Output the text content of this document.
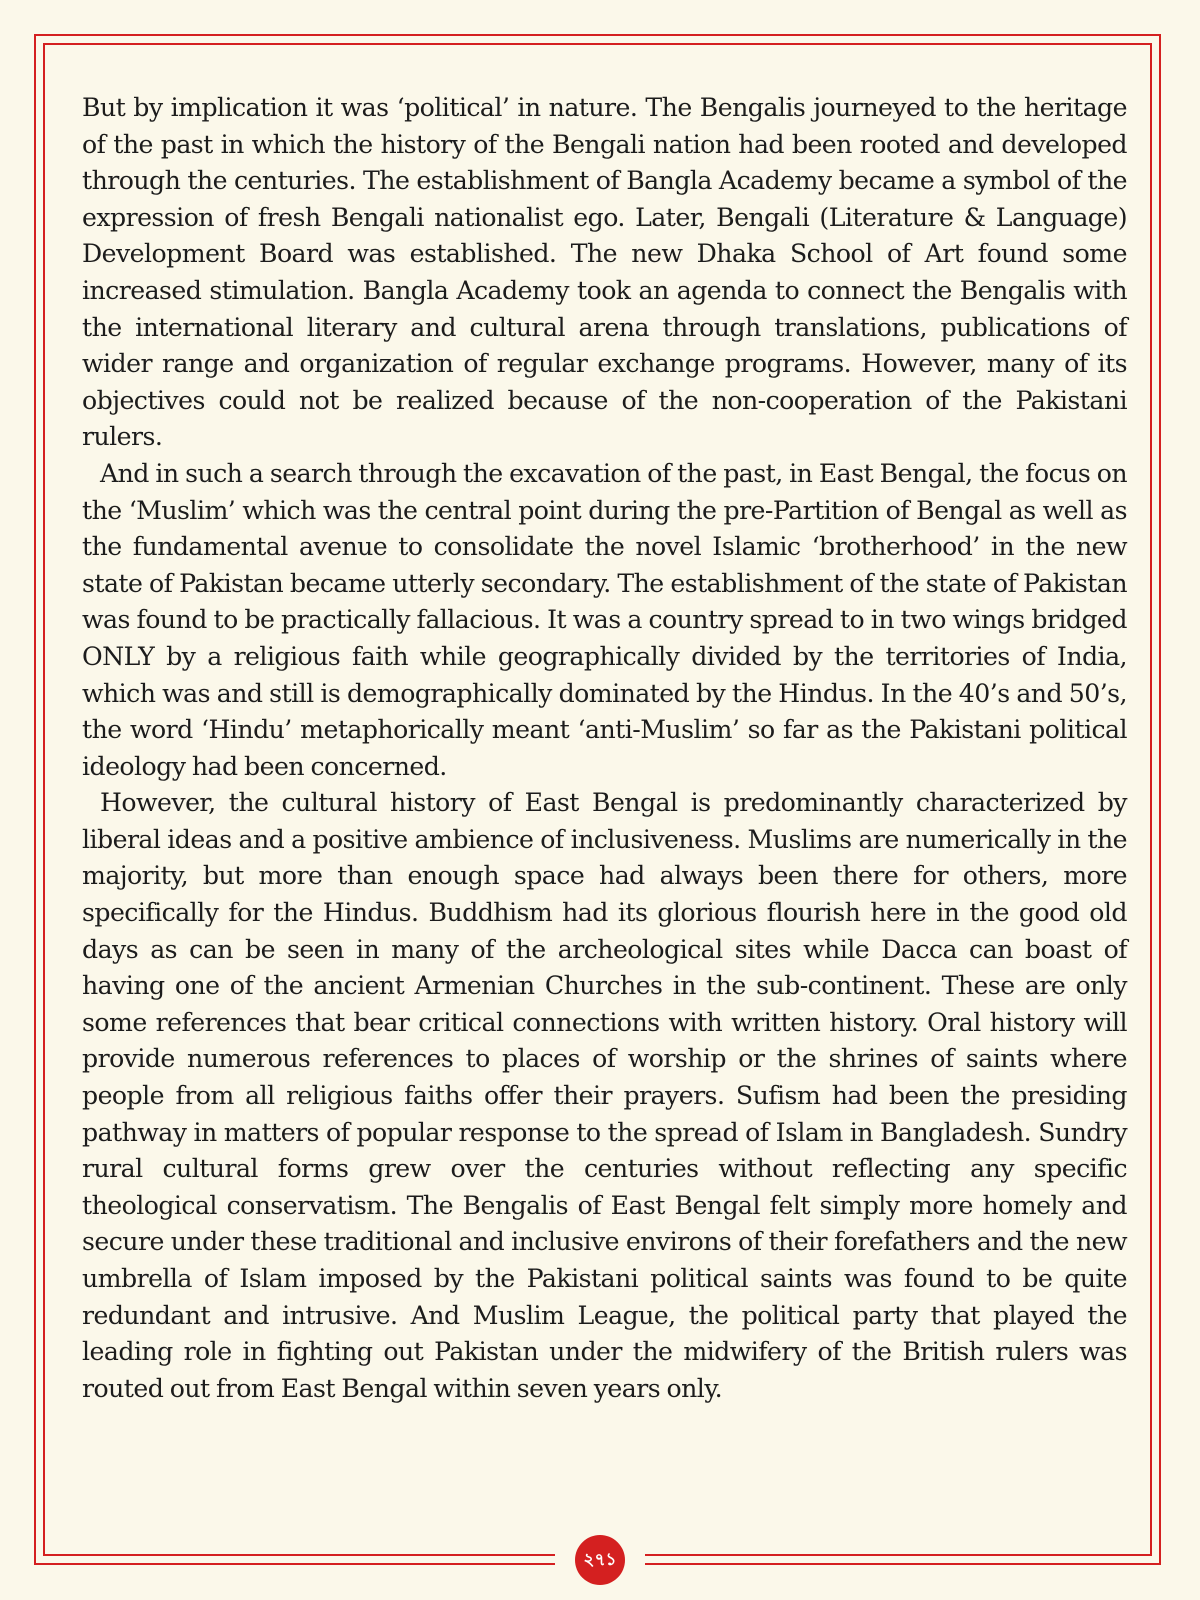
But by implication it was ‘political’ in nature. The Bengalis journeyed to the heritage of the past in which the history of the Bengali nation had been rooted and developed through the centuries. The establishment of Bangla Academy became a symbol of the expression of fresh Bengali nationalist ego. Later, Bengali (Literature & Language) Development Board was established. The new Dhaka School of Art found some increased stimulation. Bangla Academy took an agenda to connect the Bengalis with the international literary and cultural arena through translations, publications of wider range and organization of regular exchange programs. However, many of its objectives could not be realized because of the non-cooperation of the Pakistani rulers.

And in such a search through the excavation of the past, in East Bengal, the focus on the ‘Muslim’ which was the central point during the pre-Partition of Bengal as well as the fundamental avenue to consolidate the novel Islamic ‘brotherhood’ in the new state of Pakistan became utterly secondary. The establishment of the state of Pakistan was found to be practically fallacious. It was a country spread to in two wings bridged ONLY by a religious faith while geographically divided by the territories of India, which was and still is demographically dominated by the Hindus. In the 40’s and 50’s, the word ‘Hindu’ metaphorically meant ‘anti-Muslim’ so far as the Pakistani political ideology had been concerned.

However, the cultural history of East Bengal is predominantly characterized by liberal ideas and a positive ambience of inclusiveness. Muslims are numerically in the majority, but more than enough space had always been there for others, more specifically for the Hindus. Buddhism had its glorious flourish here in the good old days as can be seen in many of the archeological sites while Dacca can boast of having one of the ancient Armenian Churches in the sub-continent. These are only some references that bear critical connections with written history. Oral history will provide numerous references to places of worship or the shrines of saints where people from all religious faiths offer their prayers. Sufism had been the presiding pathway in matters of popular response to the spread of Islam in Bangladesh. Sundry rural cultural forms grew over the centuries without reflecting any specific theological conservatism. The Bengalis of East Bengal felt simply more homely and secure under these traditional and inclusive environs of their forefathers and the new umbrella of Islam imposed by the Pakistani political saints was found to be quite redundant and intrusive. And Muslim League, the political party that played the leading role in fighting out Pakistan under the midwifery of the British rulers was routed out from East Bengal within seven years only.

২৭১
